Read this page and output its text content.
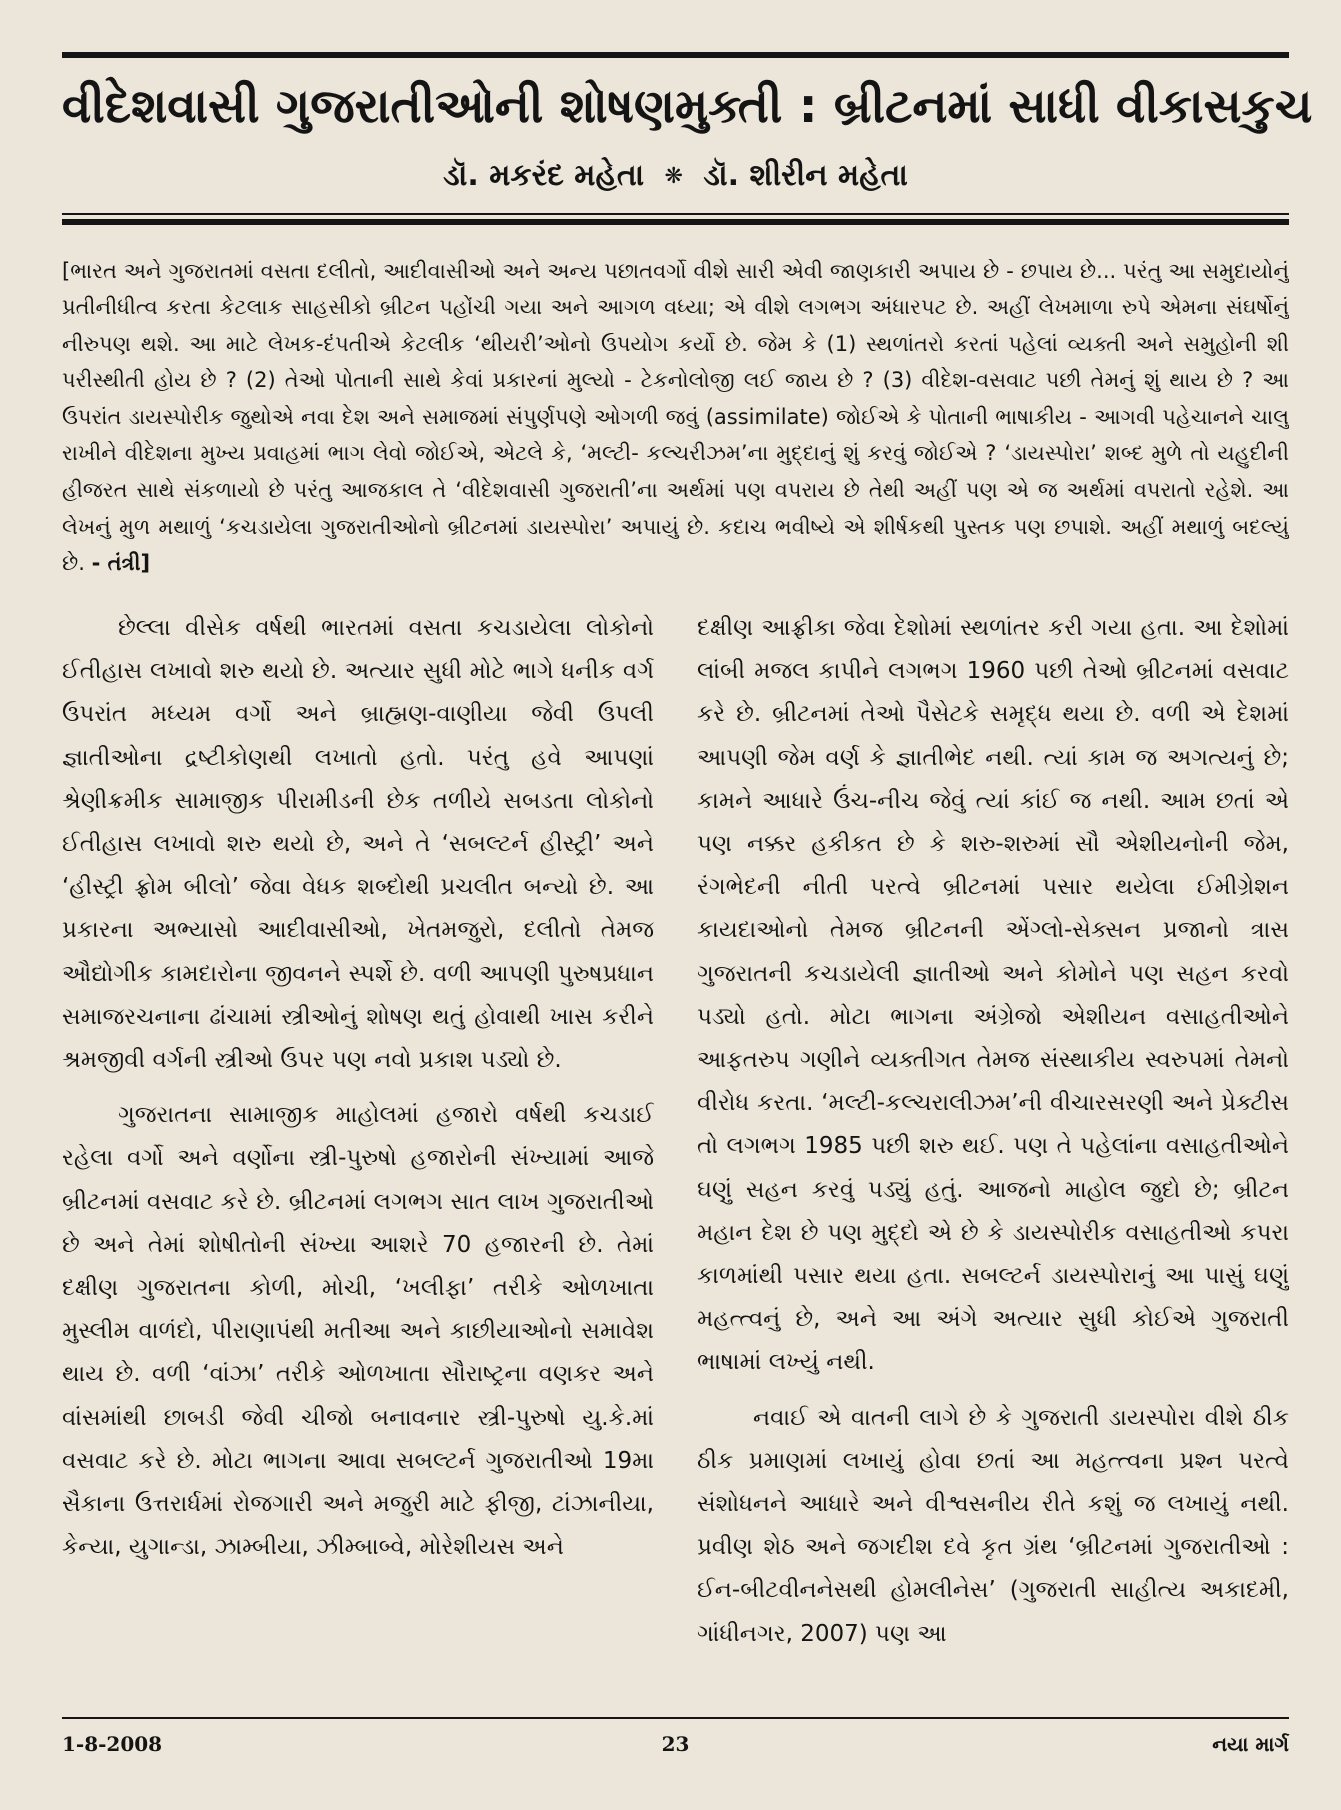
વીદેશવાસી ગુજરાતીઓની શોષણમુક્તી : બ્રીટનમાં સાધી વીકાસકુચ
ડૉ. મકરંદ મહેતા ❋ ડૉ. શીરીન મહેતા
[ભારત અને ગુજરાતમાં વસતા દલીતો, આદીવાસીઓ અને અન્ય પછાતવર્ગો વીશે સારી એવી જાણકારી અપાય છે - છપાય છે... પરંતુ આ સમુદાયોનું પ્રતીનીધીત્વ કરતા કેટલાક સાહસીકો બ્રીટન પહોંચી ગયા અને આગળ વધ્યા; એ વીશે લગભગ અંધારપટ છે. અહીં લેખમાળા રુપે એમના સંઘર્ષોનું નીરુપણ થશે. આ માટે લેખક-દંપતીએ કેટલીક ‘થીયરી’ઓનો ઉપયોગ કર્યો છે. જેમ કે (1) સ્થળાંતરો કરતાં પહેલાં વ્યક્તી અને સમુહોની શી પરીસ્થીતી હોય છે ? (2) તેઓ પોતાની સાથે કેવાં પ્રકારનાં મુલ્યો - ટેકનોલોજી લઈ જાય છે ? (3) વીદેશ-વસવાટ પછી તેમનું શું થાય છે ? આ ઉપરાંત ડાયસ્પોરીક જુથોએ નવા દેશ અને સમાજમાં સંપુર્ણપણે ઓગળી જવું (assimilate) જોઈએ કે પોતાની ભાષાકીય - આગવી પહેચાનને ચાલુ રાખીને વીદેશના મુખ્ય પ્રવાહમાં ભાગ લેવો જોઈએ, એટલે કે, ‘મલ્ટી- કલ્ચરીઝમ’ના મુદ્દાનું શું કરવું જોઈએ ? ‘ડાયસ્પોરા’ શબ્દ મુળે તો યહુદીની હીજરત સાથે સંકળાયો છે પરંતુ આજકાલ તે ‘વીદેશવાસી ગુજરાતી’ના અર્થમાં પણ વપરાય છે તેથી અહીં પણ એ જ અર્થમાં વપરાતો રહેશે. આ લેખનું મુળ મથાળું ‘કચડાયેલા ગુજરાતીઓનો બ્રીટનમાં ડાયસ્પોરા’ અપાયું છે. કદાચ ભવીષ્યે એ શીર્ષકથી પુસ્તક પણ છપાશે. અહીં મથાળું બદલ્યું છે. - તંત્રી]

છેલ્લા વીસેક વર્ષથી ભારતમાં વસતા કચડાયેલા લોકોનો ઈતીહાસ લખાવો શરુ થયો છે. અત્યાર સુધી મોટે ભાગે ધનીક વર્ગ ઉપરાંત મધ્યમ વર્ગો અને બ્રાહ્મણ-વાણીયા જેવી ઉપલી જ્ઞાતીઓના દ્રષ્ટીકોણથી લખાતો હતો. પરંતુ હવે આપણાં શ્રેણીક્રમીક સામાજીક પીરામીડની છેક તળીયે સબડતા લોકોનો ઈતીહાસ લખાવો શરુ થયો છે, અને તે ‘સબલ્ટર્ન હીસ્ટ્રી’ અને ‘હીસ્ટ્રી ફ્રોમ બીલો’ જેવા વેધક શબ્દોથી પ્રચલીત બન્યો છે. આ પ્રકારના અભ્યાસો આદીવાસીઓ, ખેતમજુરો, દલીતો તેમજ ઔદ્યોગીક કામદારોના જીવનને સ્પર્શે છે. વળી આપણી પુરુષપ્રધાન સમાજરચનાના ઢાંચામાં સ્ત્રીઓનું શોષણ થતું હોવાથી ખાસ કરીને શ્રમજીવી વર્ગની સ્ત્રીઓ ઉપર પણ નવો પ્રકાશ પડ્યો છે.

ગુજરાતના સામાજીક માહોલમાં હજારો વર્ષથી કચડાઈ રહેલા વર્ગો અને વર્ણોના સ્ત્રી-પુરુષો હજારોની સંખ્યામાં આજે બ્રીટનમાં વસવાટ કરે છે. બ્રીટનમાં લગભગ સાત લાખ ગુજરાતીઓ છે અને તેમાં શોષીતોની સંખ્યા આશરે 70 હજારની છે. તેમાં દક્ષીણ ગુજરાતના કોળી, મોચી, ‘ખલીફા’ તરીકે ઓળખાતા મુસ્લીમ વાળંદો, પીરાણાપંથી મતીઆ અને કાછીયાઓનો સમાવેશ થાય છે. વળી ‘વાંઝા’ તરીકે ઓળખાતા સૌરાષ્ટ્રના વણકર અને વાંસમાંથી છાબડી જેવી ચીજો બનાવનાર સ્ત્રી-પુરુષો યુ.કે.માં વસવાટ કરે છે. મોટા ભાગના આવા સબલ્ટર્ન ગુજરાતીઓ 19મા સૈકાના ઉત્તરાર્ધમાં રોજગારી અને મજુરી માટે ફીજી, ટાંઝાનીયા, કેન્યા, યુગાન્ડા, ઝામ્બીયા, ઝીમ્બાબ્વે, મોરેશીયસ અને

દક્ષીણ આફ્રીકા જેવા દેશોમાં સ્થળાંતર કરી ગયા હતા. આ દેશોમાં લાંબી મજલ કાપીને લગભગ 1960 પછી તેઓ બ્રીટનમાં વસવાટ કરે છે. બ્રીટનમાં તેઓ પૈસેટકે સમૃદ્ધ થયા છે. વળી એ દેશમાં આપણી જેમ વર્ણ કે જ્ઞાતીભેદ નથી. ત્યાં કામ જ અગત્યનું છે; કામને આધારે ઉંચ-નીચ જેવું ત્યાં કાંઈ જ નથી. આમ છતાં એ પણ નક્કર હકીકત છે કે શરુ-શરુમાં સૌ એશીયનોની જેમ, રંગભેદની નીતી પરત્વે બ્રીટનમાં પસાર થયેલા ઈમીગ્રેશન કાયદાઓનો તેમજ બ્રીટનની એંગ્લો-સેક્સન પ્રજાનો ત્રાસ ગુજરાતની કચડાયેલી જ્ઞાતીઓ અને કોમોને પણ સહન કરવો પડ્યો હતો. મોટા ભાગના અંગ્રેજો એશીયન વસાહતીઓને આફતરુપ ગણીને વ્યક્તીગત તેમજ સંસ્થાકીય સ્વરુપમાં તેમનો વીરોધ કરતા. ‘મલ્ટી-કલ્ચરાલીઝમ’ની વીચારસરણી અને પ્રેક્ટીસ તો લગભગ 1985 પછી શરુ થઈ. પણ તે પહેલાંના વસાહતીઓને ઘણું સહન કરવું પડ્યું હતું. આજનો માહોલ જુદો છે; બ્રીટન મહાન દેશ છે પણ મુદ્દો એ છે કે ડાયસ્પોરીક વસાહતીઓ કપરા કાળમાંથી પસાર થયા હતા. સબલ્ટર્ન ડાયસ્પોરાનું આ પાસું ઘણું મહત્ત્વનું છે, અને આ અંગે અત્યાર સુધી કોઈએ ગુજરાતી ભાષામાં લખ્યું નથી.

નવાઈ એ વાતની લાગે છે કે ગુજરાતી ડાયસ્પોરા વીશે ઠીક ઠીક પ્રમાણમાં લખાયું હોવા છતાં આ મહત્ત્વના પ્રશ્ન પરત્વે સંશોધનને આધારે અને વીશ્વસનીય રીતે કશું જ લખાયું નથી. પ્રવીણ શેઠ અને જગદીશ દવે કૃત ગ્રંથ ‘બ્રીટનમાં ગુજરાતીઓ : ઈન-બીટવીનનેસથી હોમલીનેસ’ (ગુજરાતી સાહીત્ય અકાદમી, ગાંધીનગર, 2007) પણ આ

1-8-2008	23	નયા માર્ગ
